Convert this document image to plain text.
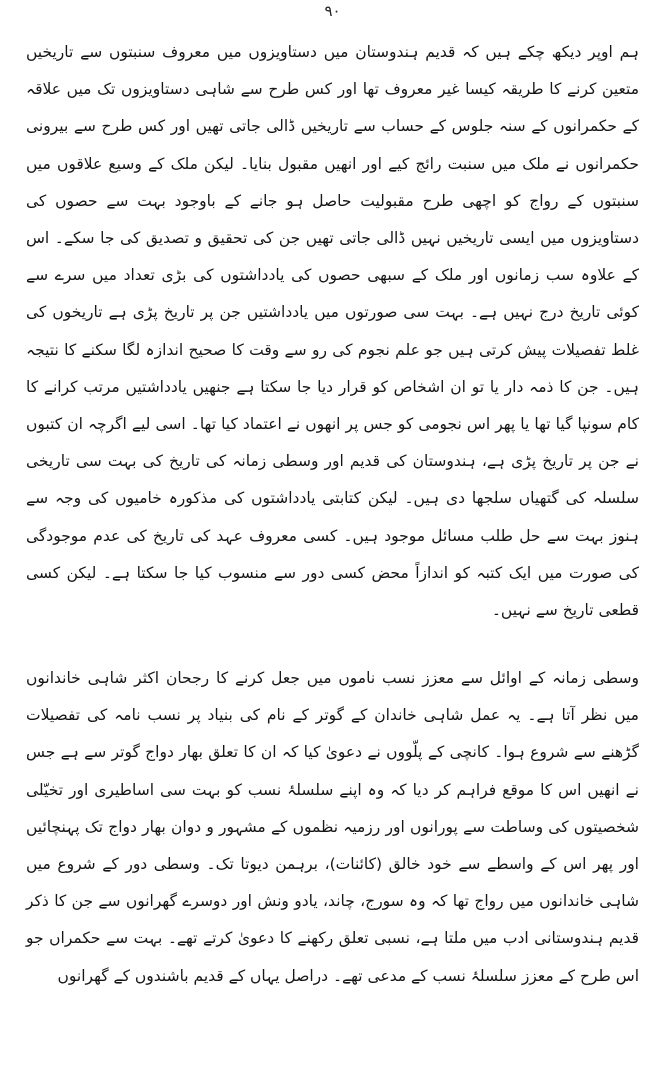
۹۰

ہم اوپر دیکھ چکے ہیں کہ قدیم ہندوستان میں دستاویزوں میں معروف سنبتوں سے تاریخیں متعین کرنے کا طریقہ کیسا غیر معروف تھا اور کس طرح سے شاہی دستاویزوں تک میں علاقہ کے حکمرانوں کے سنہ جلوس کے حساب سے تاریخیں ڈالی جاتی تھیں اور کس طرح سے بیرونی حکمرانوں نے ملک میں سنبت رائج کیے اور انھیں مقبول بنایا۔ لیکن ملک کے وسیع علاقوں میں سنبتوں کے رواج کو اچھی طرح مقبولیت حاصل ہو جانے کے باوجود بہت سے حصوں کی دستاویزوں میں ایسی تاریخیں نہیں ڈالی جاتی تھیں جن کی تحقیق و تصدیق کی جا سکے۔ اس کے علاوہ سب زمانوں اور ملک کے سبھی حصوں کی یادداشتوں کی بڑی تعداد میں سرے سے کوئی تاریخ درج نہیں ہے۔ بہت سی صورتوں میں یادداشتیں جن پر تاریخ پڑی ہے تاریخوں کی غلط تفصیلات پیش کرتی ہیں جو علم نجوم کی رو سے وقت کا صحیح اندازہ لگا سکنے کا نتیجہ ہیں۔ جن کا ذمہ دار یا تو ان اشخاص کو قرار دیا جا سکتا ہے جنھیں یادداشتیں مرتب کرانے کا کام سونپا گیا تھا یا پھر اس نجومی کو جس پر انھوں نے اعتماد کیا تھا۔ اسی لیے اگرچہ ان کتبوں نے جن پر تاریخ پڑی ہے، ہندوستان کی قدیم اور وسطی زمانہ کی تاریخ کی بہت سی تاریخی سلسلہ کی گتھیاں سلجھا دی ہیں۔ لیکن کتابتی یادداشتوں کی مذکورہ خامیوں کی وجہ سے ہنوز بہت سے حل طلب مسائل موجود ہیں۔ کسی معروف عہد کی تاریخ کی عدم موجودگی کی صورت میں ایک کتبہ کو اندازاً محض کسی دور سے منسوب کیا جا سکتا ہے۔ لیکن کسی قطعی تاریخ سے نہیں۔

وسطی زمانہ کے اوائل سے معزز نسب ناموں میں جعل کرنے کا رجحان اکثر شاہی خاندانوں میں نظر آتا ہے۔ یہ عمل شاہی خاندان کے گوتر کے نام کی بنیاد پر نسب نامہ کی تفصیلات گڑھنے سے شروع ہوا۔ کانچی کے پلّووں نے دعویٰ کیا کہ ان کا تعلق بھار دواج گوتر سے ہے جس نے انھیں اس کا موقع فراہم کر دیا کہ وہ اپنے سلسلۂ نسب کو بہت سی اساطیری اور تخیّلی شخصیتوں کی وساطت سے پورانوں اور رزمیہ نظموں کے مشہور و دوان بھار دواج تک پہنچائیں اور پھر اس کے واسطے سے خود خالق (کائنات)، برہمن دیوتا تک۔ وسطی دور کے شروع میں شاہی خاندانوں میں رواج تھا کہ وہ سورج، چاند، یادو ونش اور دوسرے گھرانوں سے جن کا ذکر قدیم ہندوستانی ادب میں ملتا ہے، نسبی تعلق رکھنے کا دعویٰ کرتے تھے۔ بہت سے حکمراں جو اس طرح کے معزز سلسلۂ نسب کے مدعی تھے۔ دراصل یہاں کے قدیم باشندوں کے گھرانوں
